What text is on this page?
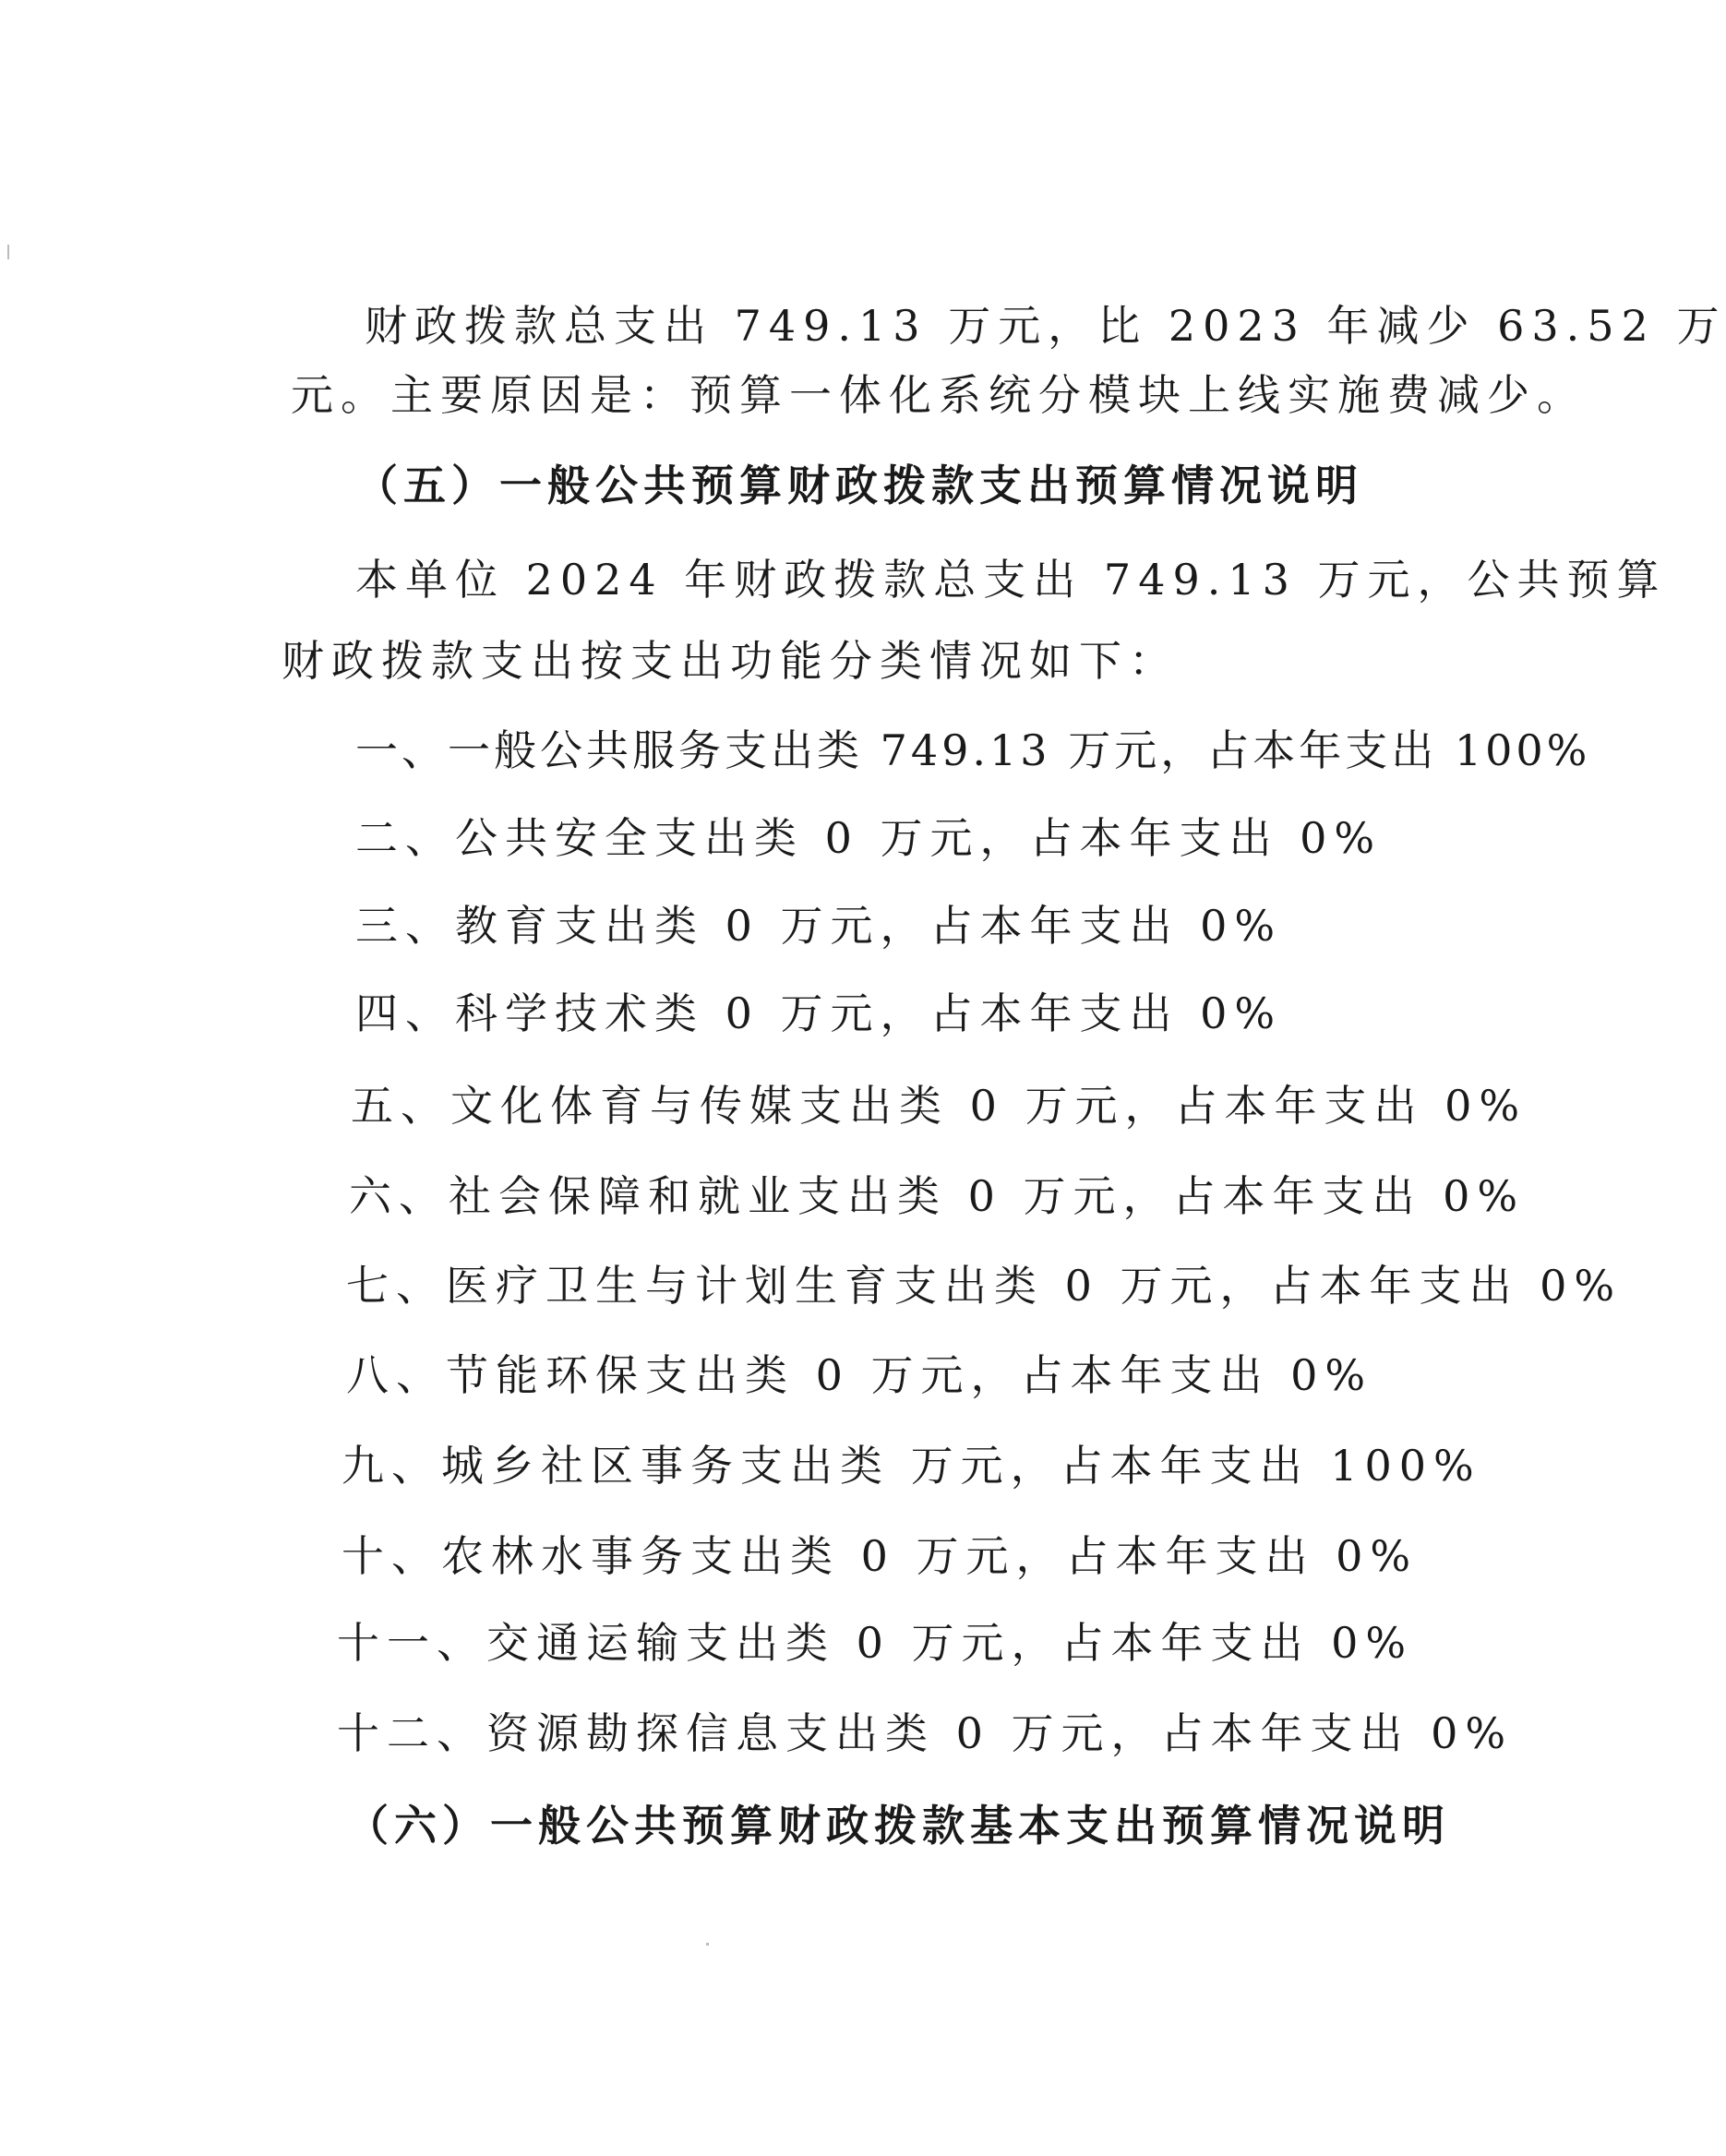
财政拨款总支出 749.13 万元，比 2023 年减少 63.52 万
元。主要原因是：预算一体化系统分模块上线实施费减少。
（五）一般公共预算财政拨款支出预算情况说明
本单位 2024 年财政拨款总支出 749.13 万元，公共预算
财政拨款支出按支出功能分类情况如下：
一、一般公共服务支出类 749.13 万元，占本年支出 100%
二、公共安全支出类 0 万元，占本年支出 0%
三、教育支出类 0 万元，占本年支出 0%
四、科学技术类 0 万元，占本年支出 0%
五、文化体育与传媒支出类 0 万元，占本年支出 0%
六、社会保障和就业支出类 0 万元，占本年支出 0%
七、医疗卫生与计划生育支出类 0 万元，占本年支出 0%
八、节能环保支出类 0 万元，占本年支出 0%
九、城乡社区事务支出类 万元，占本年支出 100%
十、农林水事务支出类 0 万元，占本年支出 0%
十一、交通运输支出类 0 万元，占本年支出 0%
十二、资源勘探信息支出类 0 万元，占本年支出 0%
（六）一般公共预算财政拨款基本支出预算情况说明
